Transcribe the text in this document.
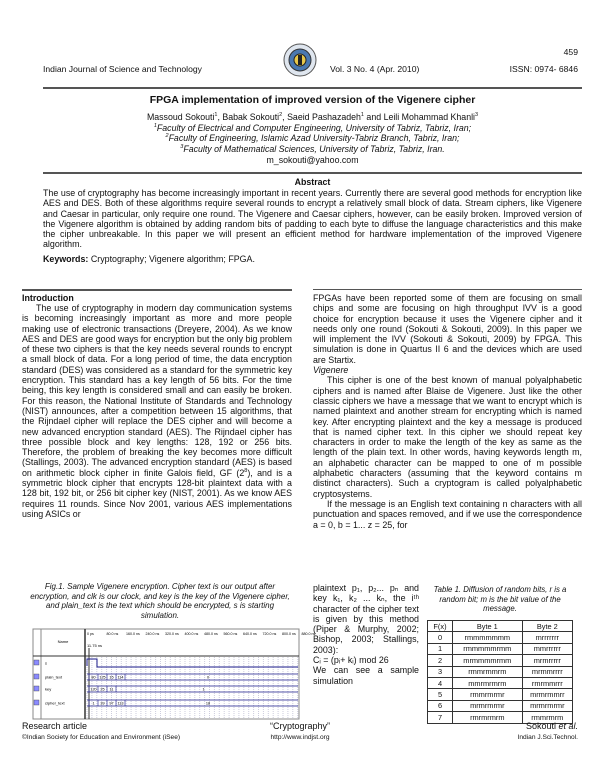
459
Indian Journal of Science and Technology	Vol. 3 No. 4 (Apr. 2010)	ISSN: 0974- 6846
FPGA implementation of improved version of the Vigenere cipher
Massoud Sokouti$^1$, Babak Sokouti$^2$, Saeid Pashazadeh$^1$ and Leili Mohammad Khanli$^3$
$^1$Faculty of Electrical and Computer Engineering, University of Tabriz, Tabriz, Iran;
$^2$Faculty of Engineering, Islamic Azad University-Tabriz Branch, Tabriz, Iran;
$^3$Faculty of Mathematical Sciences, University of Tabriz, Tabriz, Iran.
m_sokouti@yahoo.com
Abstract
The use of cryptography has become increasingly important in recent years. Currently there are several good methods for encryption like AES and DES. Both of these algorithms require several rounds to encrypt a relatively small block of data. Stream ciphers, like Vigenere and Caesar in particular, only require one round. The Vigenere and Caesar ciphers, however, can be easily broken. Improved version of the Vigenere algorithm is obtained by adding random bits of padding to each byte to diffuse the language characteristics and this make the cipher unbreakable. In this paper we will present an efficient method for hardware implementation of the improved Vigenere algorithm.
Keywords: Cryptography; Vigenere algorithm; FPGA.
Introduction
The use of cryptography in modern day communication systems is becoming increasingly important as more and more people making use of electronic transactions (Dreyere, 2004). As we know AES and DES are good ways for encryption but the only big problem of these two ciphers is that the key needs several rounds to encrypt a small block of data. For a long period of time, the data encryption standard (DES) was considered as a standard for the symmetric key encryption. This standard has a key length of 56 bits. For the time being, this key length is considered small and can easily be broken. For this reason, the National Institute of Standards and Technology (NIST) announces, after a competition between 15 algorithms, that the Rijndael cipher will replace the DES cipher and will become a new advanced encryption standard (AES). The Rijndael cipher has three possible block and key lengths: 128, 192 or 256 bits. Therefore, the problem of breaking the key becomes more difficult (Stallings, 2003). The advanced encryption standard (AES) is based on arithmetic block cipher in finite Galois field, GF $(2^8)$, and is a symmetric block cipher that encrypts 128-bit plaintext data with a 128 bit, 192 bit, or 256 bit cipher key (NIST, 2001). As we know AES requires 11 rounds. Since Nov 2001, various AES implementations using ASICs or
Fig.1. Sample Vigenere encryption. Cipher text is our output after encryption, and clk is our clock, and key is the key of the Vigenere cipher, and plain_text is the text which should be encrypted, s is starting simulation.
Name
11.75 ns
0 ps	80.0 ns 160.0 ns 240.0 ns 320.0 ns 400.0 ns 480.0 ns 560.0 ns 640.0 ns 720.0 ns 800.0 ns 880.0 ns
s
plain_text	80 125 15 114	0
key	120 25 11	1
cipher_text	1 39 97 113	18
FPGAs have been reported some of them are focusing on small chips and some are focusing on high throughput IVV is a good choice for encryption because it uses the Vigenere cipher and it needs only one round (Sokouti & Sokouti, 2009). In this paper we will implement the IVV (Sokouti & Sokouti, 2009) by FPGA. This simulation is done in Quartus II 6 and the devices which are used are Startix.
Vigenere
This cipher is one of the best known of manual polyalphabetic ciphers and is named after Blaise de Vigenere. Just like the other classic ciphers we have a message that we want to encrypt which is named plaintext and another stream for encrypting which is named key. After encrypting plaintext and the key a message is produced that is named cipher text. In this cipher we should repeat key characters in order to make the length of the key as same as the length of the plain text. In other words, having keywords length m, an alphabetic character can be mapped to one of m possible alphabetic characters (assuming that the keyword contains m distinct characters). Such a cryptogram is called polyalphabetic cryptosystems.
If the message is an English text containing n characters with all punctuation and spaces removed, and if we use the correspondence a = 0, b = 1... z = 25, for
plaintext p₁, p₂... pₙ and key k₁, k₂ ... kₙ, the iᵗʰ character of the cipher text is given by this method (Piper & Murphy, 2002; Bishop, 2003; Stallings, 2003):
Cᵢ = (pᵢ+ kᵢ) mod 26
We can see a sample simulation
Table 1. Diffusion of random bits, r is a random bit; m is the bit value of the message.
F(x)	Byte 1	Byte 2
0	rmmmmmmm	mrrrrrrr
1	rmmmmmrmm	mmrrrrrr
2	mrmmmmrmm	mrmrrrrr
3	rmmrmmrm	mrmmrrrr
4	mmrmrmrm	rmrmmrrr
5	rmmrmrmr	mrmrmmrr
6	mrmrmrmr	mrmrmrmr
7	rmrmrmrm	rmmrmrm
Research article
©Indian Society for Education and Environment (iSee)
“Cryptography”
http://www.indjst.org
Sokouti et al.
Indian J.Sci.Technol.
